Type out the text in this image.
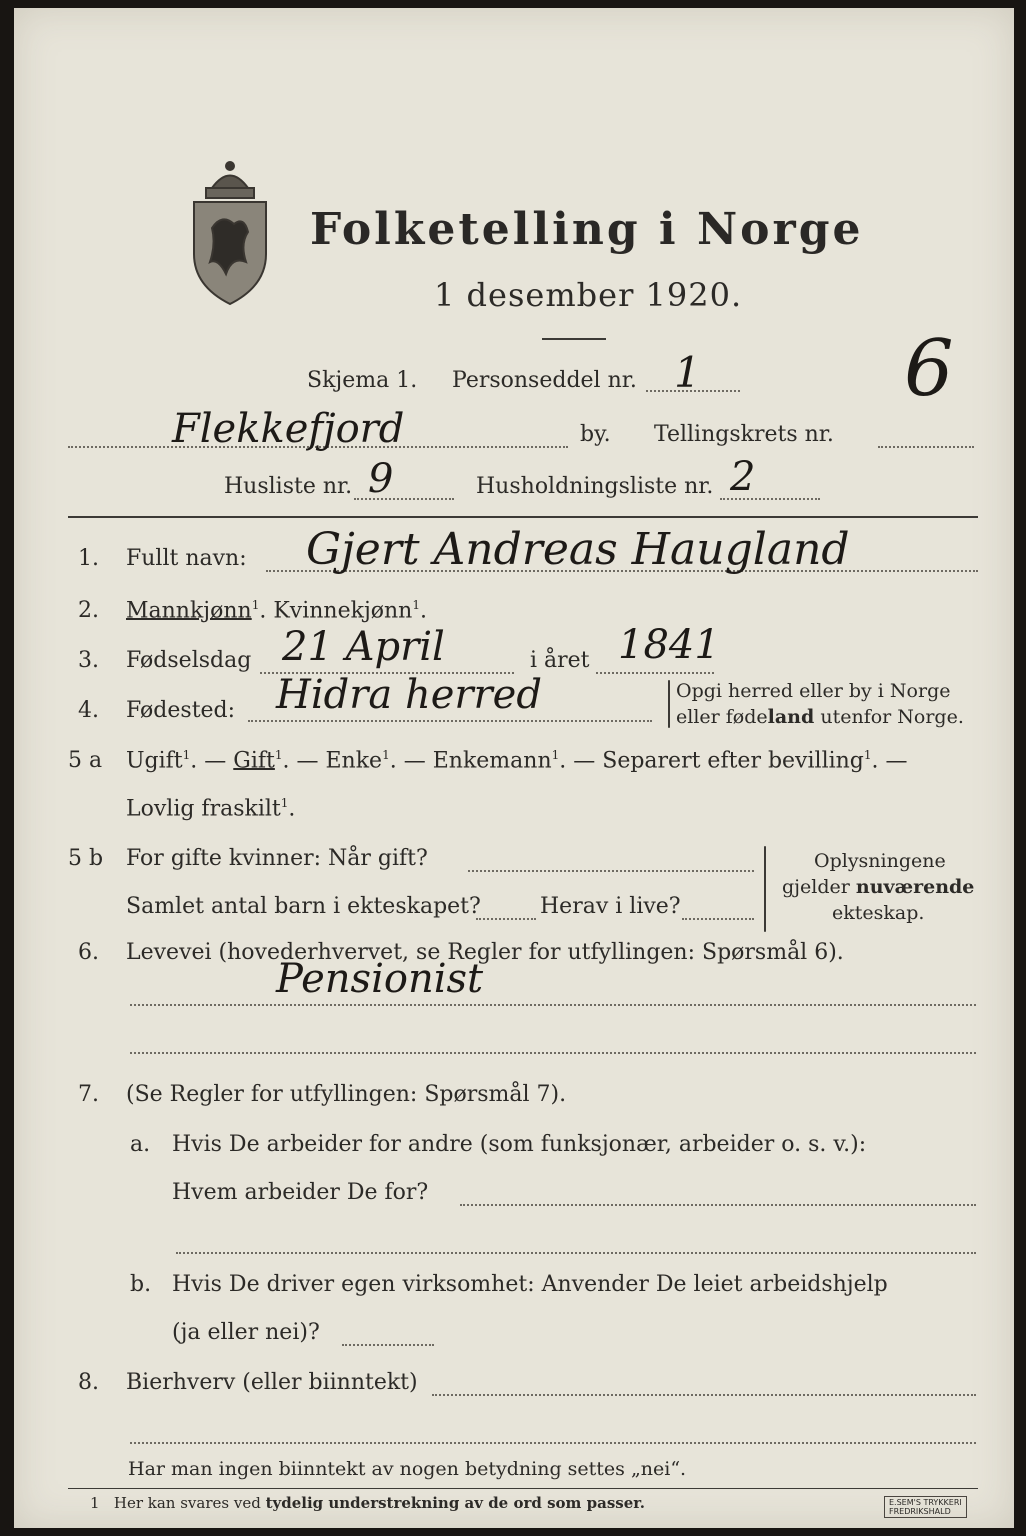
Folketelling i Norge
1 desember 1920.
Skjema 1. Personseddel nr. 1	6
Flekkefjord	by. Tellingskrets nr.
Husliste nr. 9	Husholdningsliste nr. 2
1. Fullt navn: Gjert Andreas Haugland
2. Mannkjønn$^1$. Kvinnekjønn$^1$.
3. Fødselsdag 21 April	i året 1841
4. Fødested: Hidra herred	Opgi herred eller by i Norge
eller fødeland utenfor Norge.
5 a Ugift$^1$. — Gift$^1$. — Enke$^1$. — Enkemann$^1$. — Separert efter bevilling$^1$. —
Lovlig fraskilt$^1$.
5 b For gifte kvinner: Når gift?
Samlet antal barn i ekteskapet?	Herav i live?
Oplysningene
gjelder nuværende
ekteskap.
6. Levevei (hovederhvervet, se Regler for utfyllingen: Spørsmål 6).
Pensionist
7. (Se Regler for utfyllingen: Spørsmål 7).
a. Hvis De arbeider for andre (som funksjonær, arbeider o. s. v.):
Hvem arbeider De for?
b. Hvis De driver egen virksomhet: Anvender De leiet arbeidshjelp
(ja eller nei)?
8. Bierhverv (eller biinntekt)
Har man ingen biinntekt av nogen betydning settes „nei“.
1 Her kan svares ved tydelig understrekning av de ord som passer.	E.SEM'S TRYKKERI
FREDRIKSHALD
